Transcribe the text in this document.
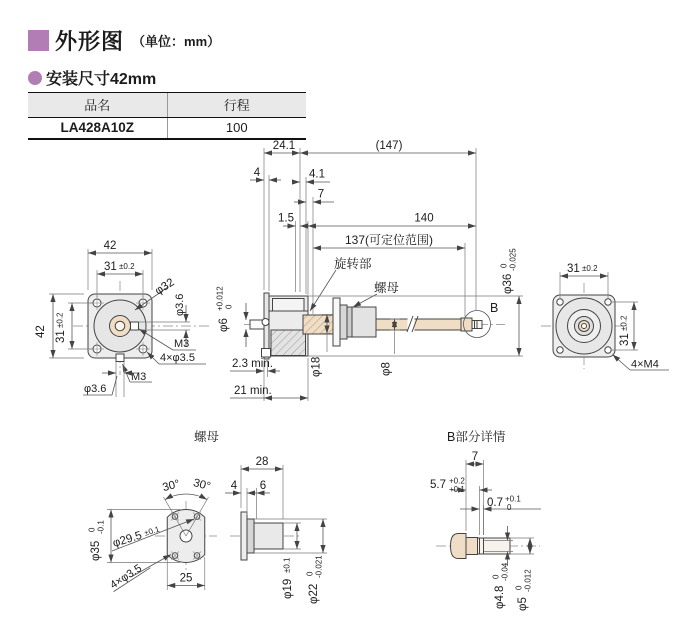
外形图 （单位：mm）
安装尺寸42mm
品名	行程
LA428A10Z	100
24.1	(147)
4	4.1
7
1.5	140
137(可定位范围)
旋转部
螺母
B
φ6
+0.012 0
φ18	φ8
2.3 min.
21 min.
φ36
0 -0.025
42
31 ±0.2
42 31
±0.2
φ32
φ3.6
M3
4×φ3.5
M3
φ3.6
31 ±0.2
31
±0.2
4×M4
螺母
30° 30°
φ35
0 -0.1
φ29.5 ±0.1
4×φ3.5	25
28
4 6
φ19
±0.1
φ22
0 -0.021
B部分详情
7
5.7 +0.2
+0.1
0.7 +0.1
0
φ4.8
0 -0.04
φ5
0 -0.012
